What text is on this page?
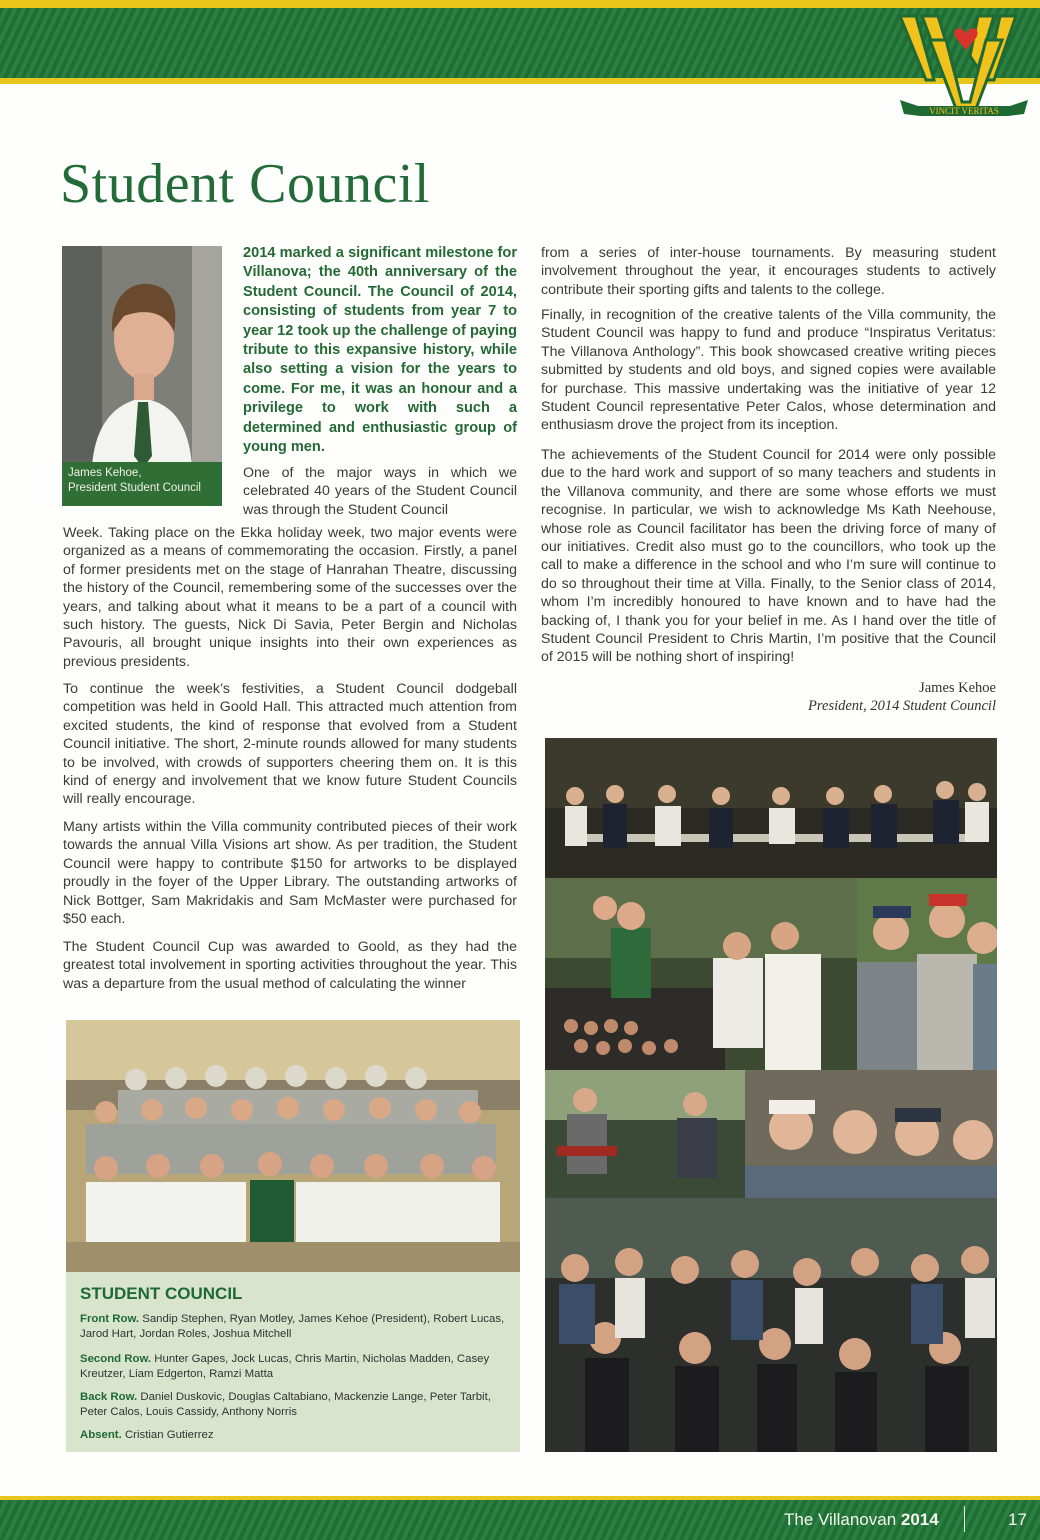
VINCIT VERITAS
Student Council
James Kehoe,
President Student Council

2014 marked a significant milestone for Villanova; the 40th anniversary of the Student Council. The Council of 2014, consisting of students from year 7 to year 12 took up the challenge of paying tribute to this expansive history, while also setting a vision for the years to come. For me, it was an honour and a privilege to work with such a determined and enthusiastic group of young men.

One of the major ways in which we celebrated 40 years of the Student Council was through the Student Council

Week. Taking place on the Ekka holiday week, two major events were organized as a means of commemorating the occasion. Firstly, a panel of former presidents met on the stage of Hanrahan Theatre, discussing the history of the Council, remembering some of the successes over the years, and talking about what it means to be a part of a council with such history. The guests, Nick Di Savia, Peter Bergin and Nicholas Pavouris, all brought unique insights into their own experiences as previous presidents.

To continue the week’s festivities, a Student Council dodgeball competition was held in Goold Hall. This attracted much attention from excited students, the kind of response that evolved from a Student Council initiative. The short, 2-minute rounds allowed for many students to be involved, with crowds of supporters cheering them on. It is this kind of energy and involvement that we know future Student Councils will really encourage.

Many artists within the Villa community contributed pieces of their work towards the annual Villa Visions art show. As per tradition, the Student Council were happy to contribute $150 for artworks to be displayed proudly in the foyer of the Upper Library. The outstanding artworks of Nick Bottger, Sam Makridakis and Sam McMaster were purchased for $50 each.

The Student Council Cup was awarded to Goold, as they had the greatest total involvement in sporting activities throughout the year. This was a departure from the usual method of calculating the winner

from a series of inter-house tournaments. By measuring student involvement throughout the year, it encourages students to actively contribute their sporting gifts and talents to the college.

Finally, in recognition of the creative talents of the Villa community, the Student Council was happy to fund and produce “Inspiratus Veritatus: The Villanova Anthology”. This book showcased creative writing pieces submitted by students and old boys, and signed copies were available for purchase. This massive undertaking was the initiative of year 12 Student Council representative Peter Calos, whose determination and enthusiasm drove the project from its inception.

The achievements of the Student Council for 2014 were only possible due to the hard work and support of so many teachers and students in the Villanova community, and there are some whose efforts we must recognise. In particular, we wish to acknowledge Ms Kath Neehouse, whose role as Council facilitator has been the driving force of many of our initiatives. Credit also must go to the councillors, who took up the call to make a difference in the school and who I’m sure will continue to do so throughout their time at Villa. Finally, to the Senior class of 2014, whom I’m incredibly honoured to have known and to have had the backing of, I thank you for your belief in me. As I hand over the title of Student Council President to Chris Martin, I’m positive that the Council of 2015 will be nothing short of inspiring!

James Kehoe
President, 2014 Student Council

STUDENT COUNCIL

Front Row. Sandip Stephen, Ryan Motley, James Kehoe (President), Robert Lucas, Jarod Hart, Jordan Roles, Joshua Mitchell

Second Row. Hunter Gapes, Jock Lucas, Chris Martin, Nicholas Madden, Casey Kreutzer, Liam Edgerton, Ramzi Matta

Back Row. Daniel Duskovic, Douglas Caltabiano, Mackenzie Lange, Peter Tarbit, Peter Calos, Louis Cassidy, Anthony Norris

Absent. Cristian Gutierrez

The Villanovan 2014	17
